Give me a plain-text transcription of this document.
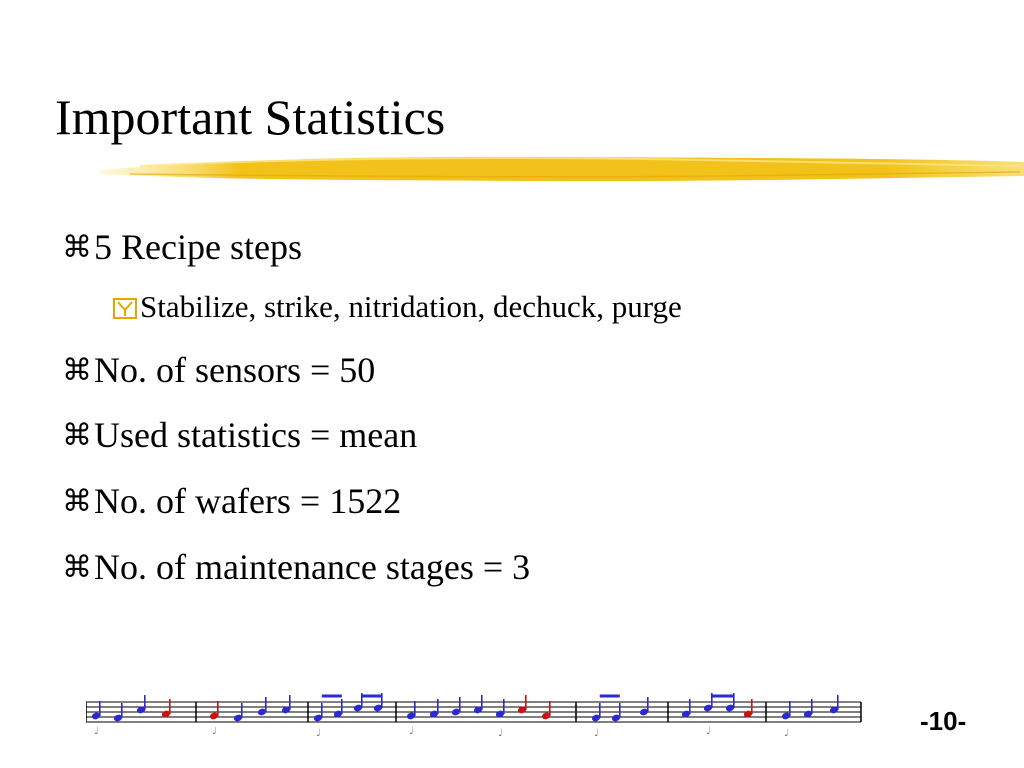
Important Statistics
⌘ 5 Recipe steps
Stabilize, strike, nitridation, dechuck, purge
⌘ No. of sensors = 50
⌘ Used statistics = mean
⌘ No. of wafers = 1522
⌘ No. of maintenance stages = 3
♩	♩	♩	♩	♩	♩	♩	♩	-10-
